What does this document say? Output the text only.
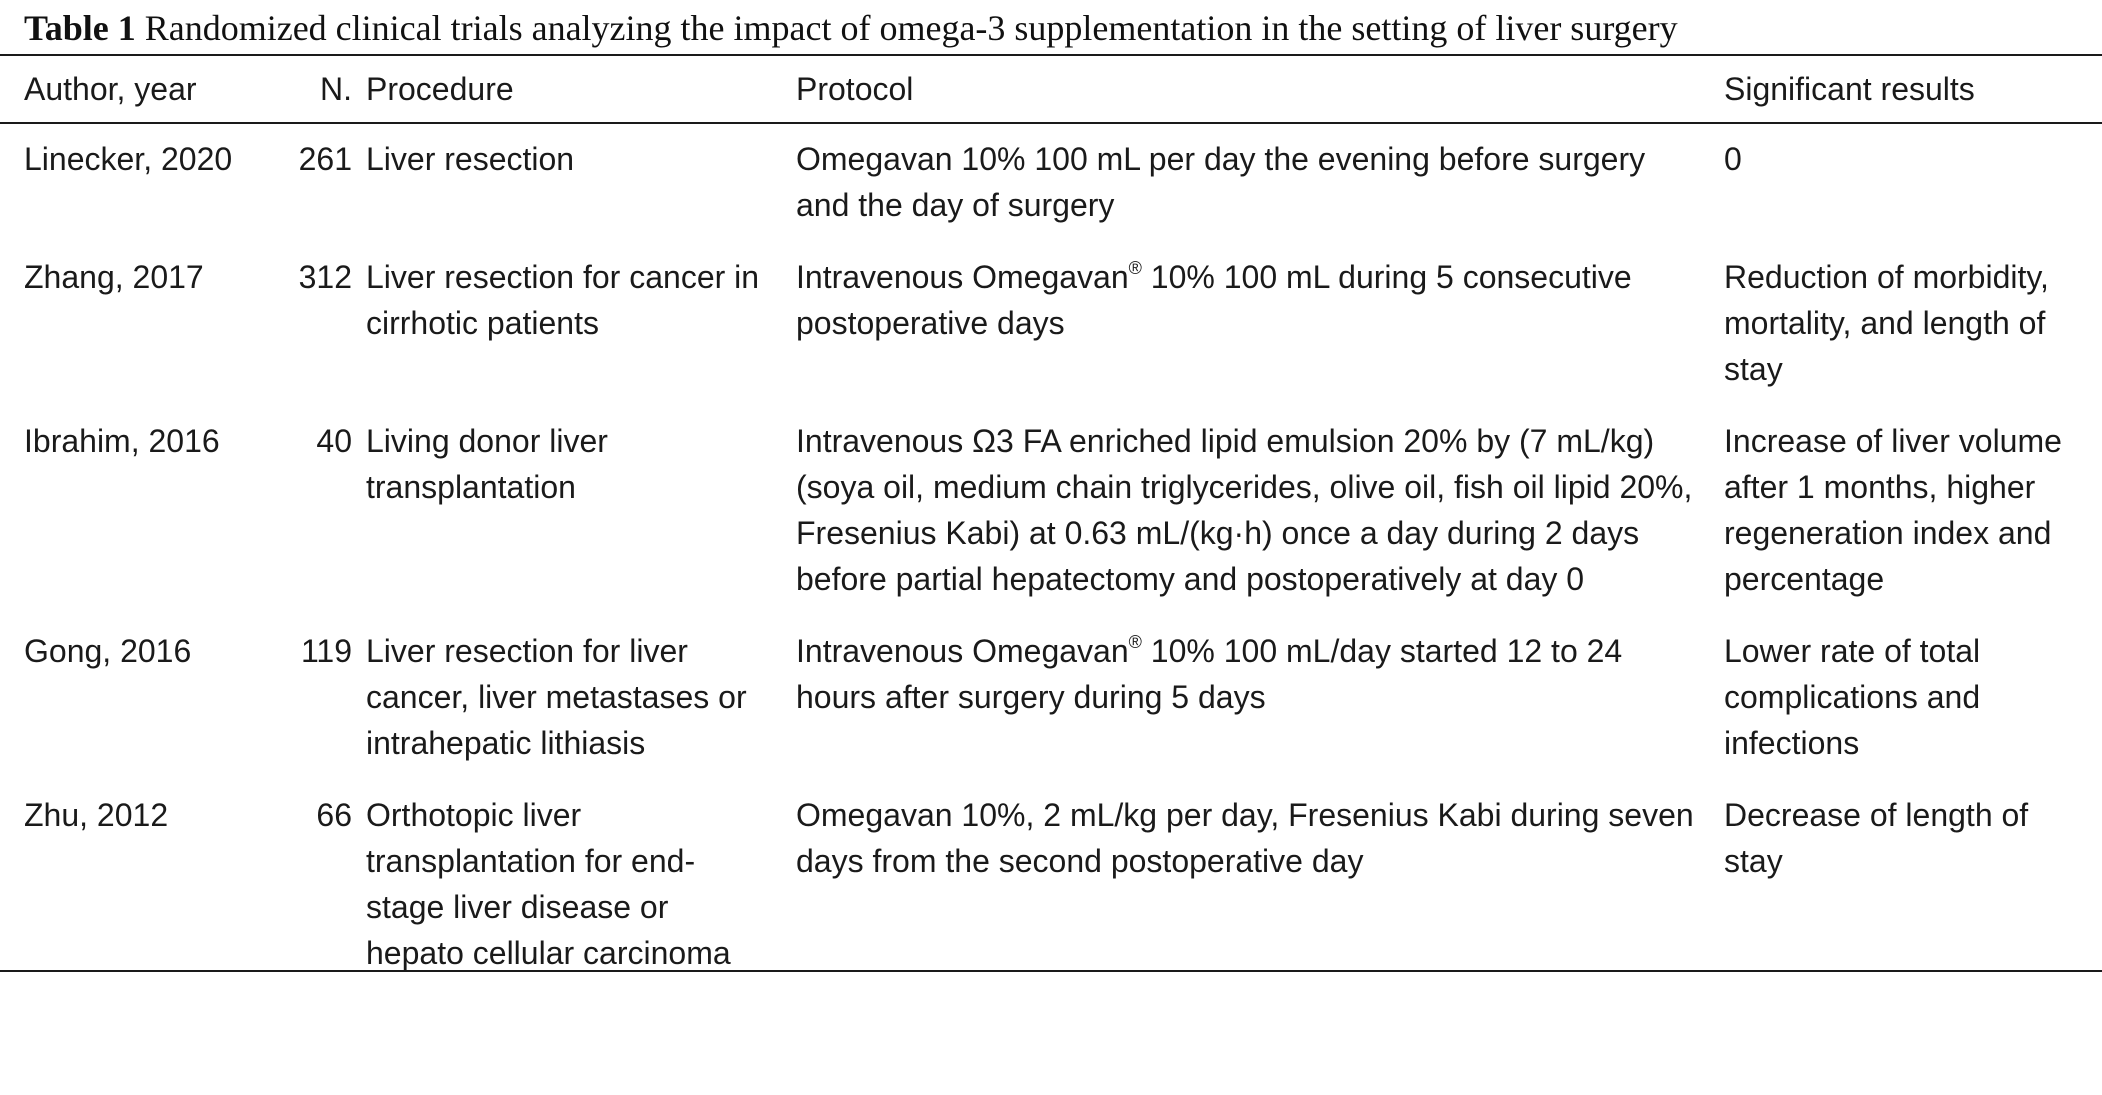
Table 1 Randomized clinical trials analyzing the impact of omega-3 supplementation in the setting of liver surgery
Author, year	N.	Procedure	Protocol	Significant results
Linecker, 2020	261	Liver resection	Omegavan 10% 100 mL per day the evening before surgery and the day of surgery	0
Zhang, 2017	312	Liver resection for cancer in cirrhotic patients	Intravenous Omegavan® 10% 100 mL during 5 consecutive postoperative days	Reduction of morbidity, mortality, and length of stay
Ibrahim, 2016	40	Living donor liver transplantation	Intravenous Ω3 FA enriched lipid emulsion 20% by (7 mL/kg) (soya oil, medium chain triglycerides, olive oil, fish oil lipid 20%, Fresenius Kabi) at 0.63 mL/(kg·h) once a day during 2 days before partial hepatectomy and postoperatively at day 0	Increase of liver volume after 1 months, higher regeneration index and percentage
Gong, 2016	119	Liver resection for liver cancer, liver metastases or intrahepatic lithiasis	Intravenous Omegavan® 10% 100 mL/day started 12 to 24 hours after surgery during 5 days	Lower rate of total complications and infections
Zhu, 2012	66	Orthotopic liver transplantation for end-stage liver disease or hepato cellular carcinoma	Omegavan 10%, 2 mL/kg per day, Fresenius Kabi during seven days from the second postoperative day	Decrease of length of stay
